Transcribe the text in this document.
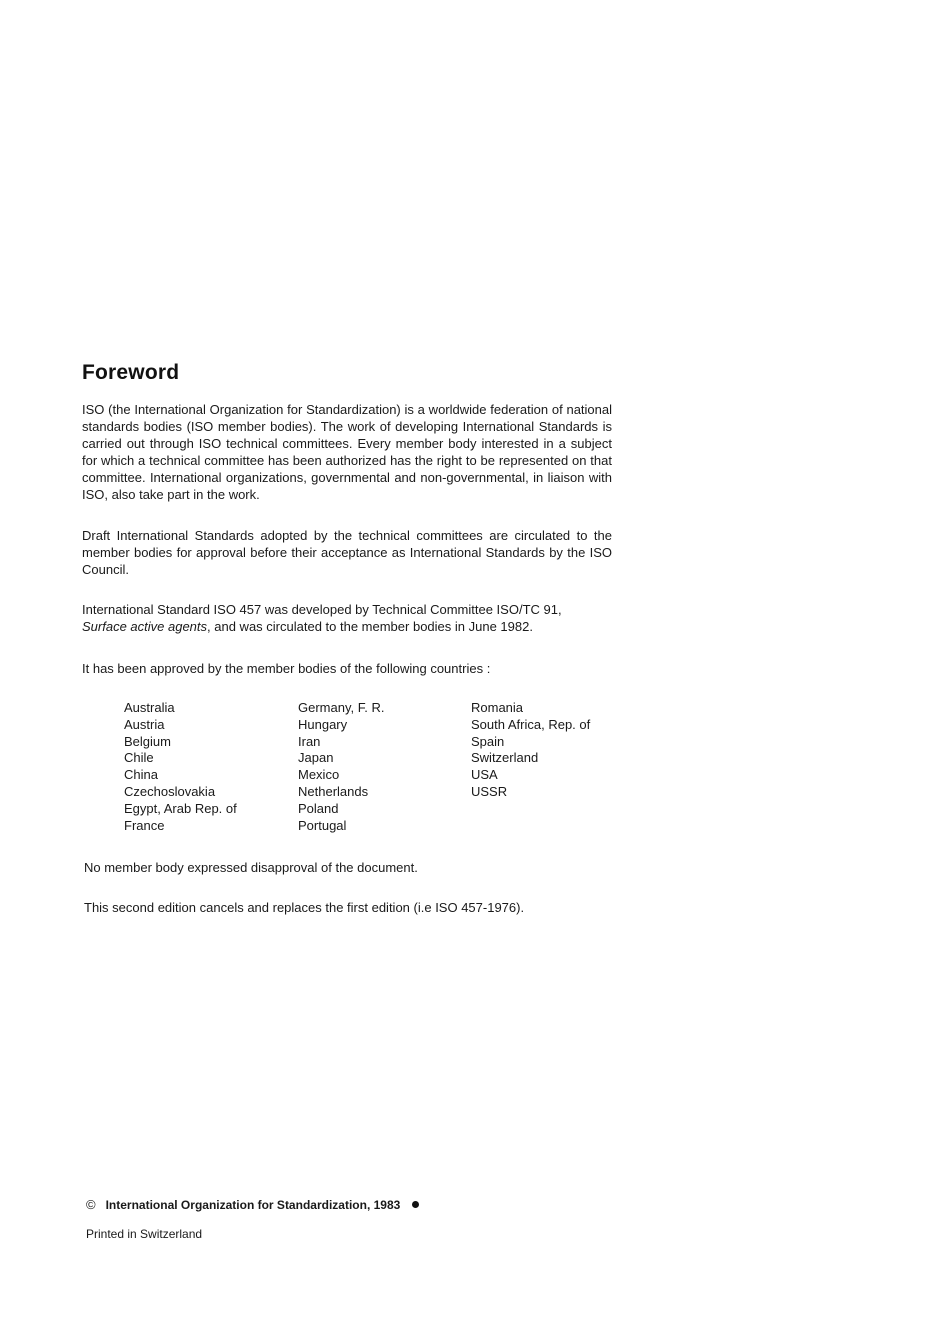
Foreword

ISO (the International Organization for Standardization) is a worldwide federation of national standards bodies (ISO member bodies). The work of developing International Standards is carried out through ISO technical committees. Every member body interested in a subject for which a technical committee has been authorized has the right to be represented on that committee. International organizations, governmental and non-governmental, in liaison with ISO, also take part in the work.

Draft International Standards adopted by the technical committees are circulated to the member bodies for approval before their acceptance as International Standards by the ISO Council.

International Standard ISO 457 was developed by Technical Committee ISO/TC 91,
Surface active agents, and was circulated to the member bodies in June 1982.

It has been approved by the member bodies of the following countries :

Australia
Austria
Belgium
Chile
China
Czechoslovakia
Egypt, Arab Rep. of
France
Germany, F. R.
Hungary
Iran
Japan
Mexico
Netherlands
Poland
Portugal
Romania
South Africa, Rep. of
Spain
Switzerland
USA
USSR

No member body expressed disapproval of the document.

This second edition cancels and replaces the first edition (i.e ISO 457-1976).

© International Organization for Standardization, 1983
Printed in Switzerland
